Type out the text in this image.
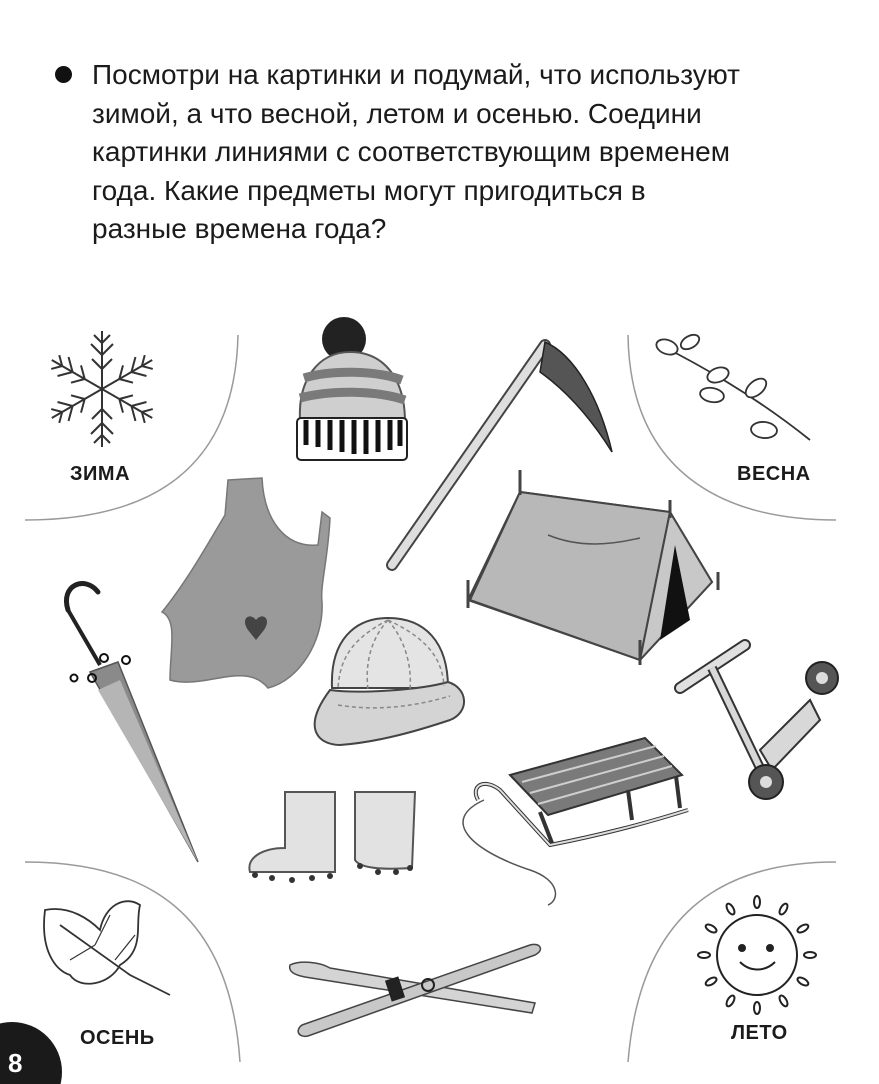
Посмотри на картинки и подумай, что используют

зимой, а что весной, летом и осенью. Соедини

картинки линиями с соответствующим временем

года. Какие предметы могут пригодиться в

разные времена года?

ЗИМА	ВЕСНА
ОСЕНЬ	ЛЕТО
8
